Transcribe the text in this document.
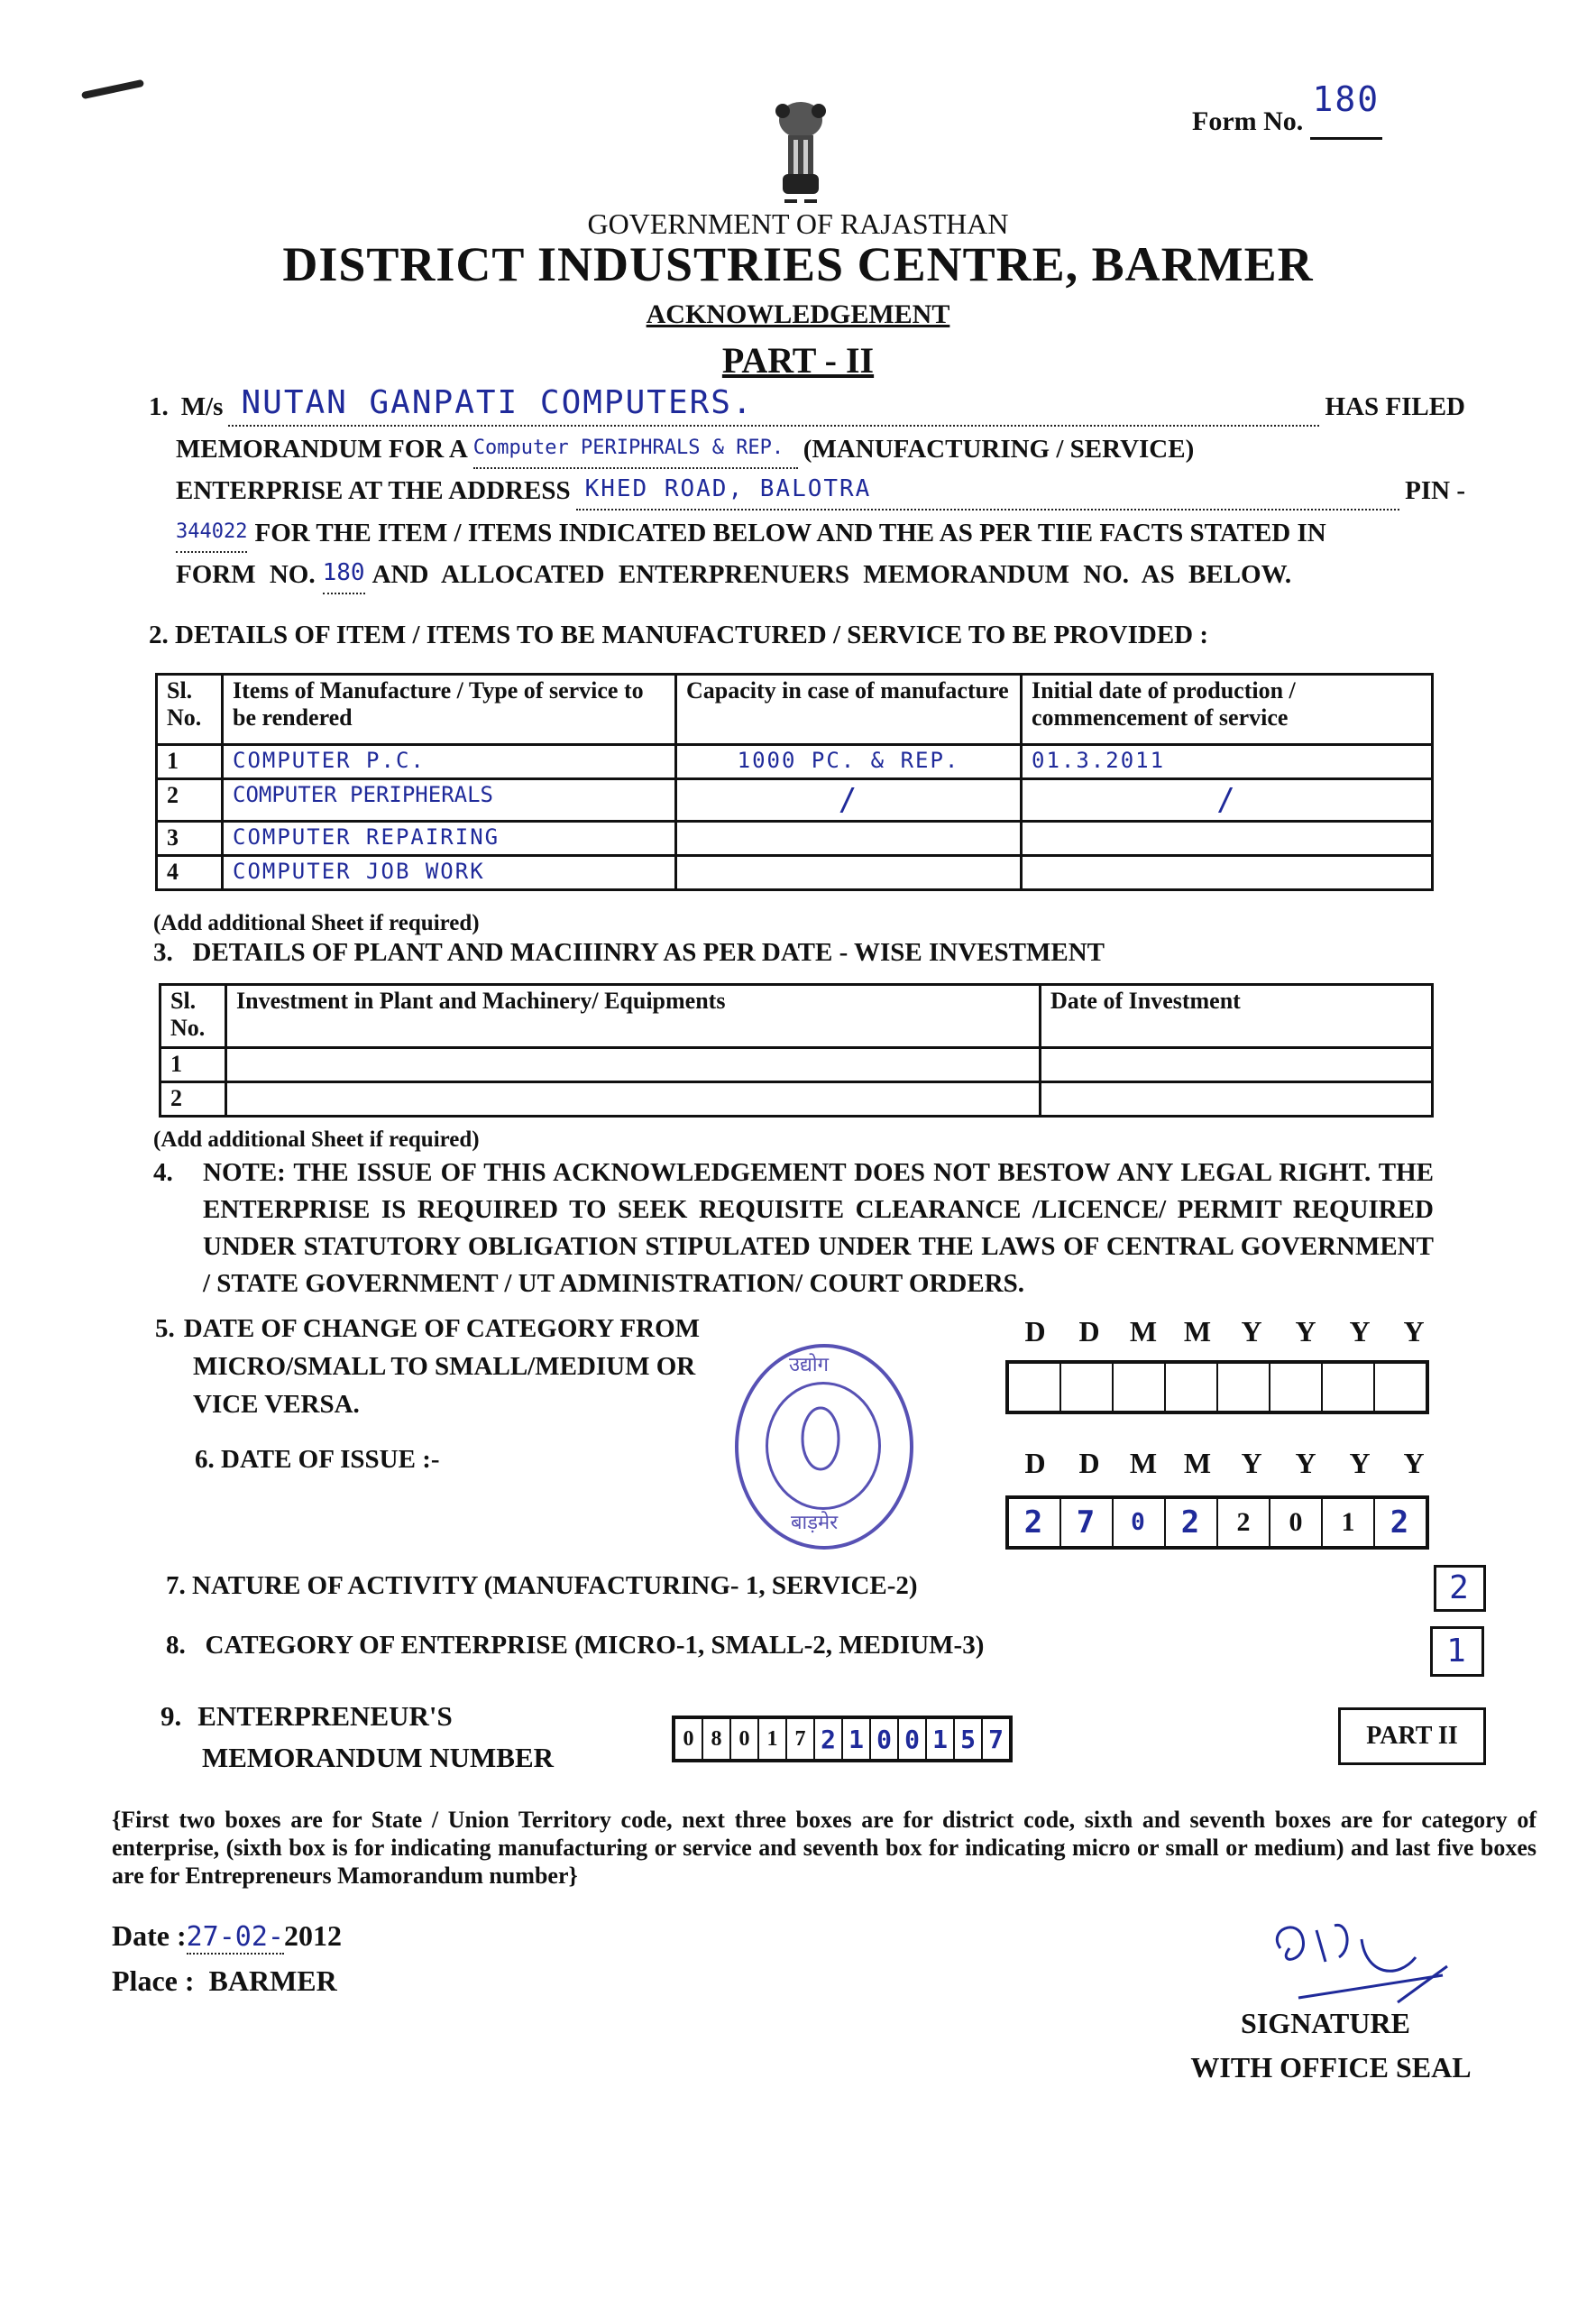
Form No.
180

GOVERNMENT OF RAJASTHAN
DISTRICT INDUSTRIES CENTRE, BARMER
ACKNOWLEDGEMENT
PART - II
1. M/s NUTAN GANPATI COMPUTERS.	HAS FILED
MEMORANDUM FOR A Computer PERIPHRALS & REP. (MANUFACTURING / SERVICE)
ENTERPRISE AT THE ADDRESS KHED ROAD, BALOTRA	PIN -
344022 FOR THE ITEM / ITEMS INDICATED BELOW AND THE AS PER TIIE FACTS STATED IN
FORM NO. 180 AND ALLOCATED ENTERPRENUERS MEMORANDUM NO. AS BELOW.
2. DETAILS OF ITEM / ITEMS TO BE MANUFACTURED / SERVICE TO BE PROVIDED :
Sl. No.	Items of Manufacture / Type of service to be rendered	Capacity in case of manufacture	Initial date of production / commencement of service
1	COMPUTER P.C.	1000 PC. & REP.	01.3.2011
2	COMPUTER PERIPHERALS	/	/
3	COMPUTER REPAIRING		
4	COMPUTER JOB WORK		
(Add additional Sheet if required)
3.   DETAILS OF PLANT AND MACIIINRY AS PER DATE - WISE INVESTMENT
Sl. No.	Investment in Plant and Machinery/ Equipments	Date of Investment
1		
2		
(Add additional Sheet if required)
4.	NOTE: THE ISSUE OF THIS ACKNOWLEDGEMENT DOES NOT BESTOW ANY LEGAL RIGHT. THE ENTERPRISE IS REQUIRED TO SEEK REQUISITE CLEARANCE /LICENCE/ PERMIT REQUIRED UNDER STATUTORY OBLIGATION STIPULATED UNDER THE LAWS OF CENTRAL GOVERNMENT / STATE GOVERNMENT / UT ADMINISTRATION/ COURT ORDERS.
5. DATE OF CHANGE OF CATEGORY FROM
MICRO/SMALL TO SMALL/MEDIUM OR
VICE VERSA.
D	D	M M	Y	Y	Y	Y
उद्योग
बाड़मेर
6. DATE OF ISSUE :-	D	D	M M	Y	Y	Y	Y
2	7	0	2	2	0	1	2
7. NATURE OF ACTIVITY (MANUFACTURING- 1, SERVICE-2)	2
8.   CATEGORY OF ENTERPRISE (MICRO-1, SMALL-2, MEDIUM-3)	1
9. ENTERPRENEUR'S
MEMORANDUM NUMBER
0 8 0 1 7 2 1 0 0 1 5 7	PART II
{First two boxes are for State / Union Territory code, next three boxes are for district code, sixth and seventh boxes are for category of enterprise, (sixth box is for indicating manufacturing or service and seventh box for indicating micro or small or medium) and last five boxes are for Entrepreneurs Mamorandum number}
Date :27-02-2012
Place : BARMER
SIGNATURE
WITH OFFICE SEAL
